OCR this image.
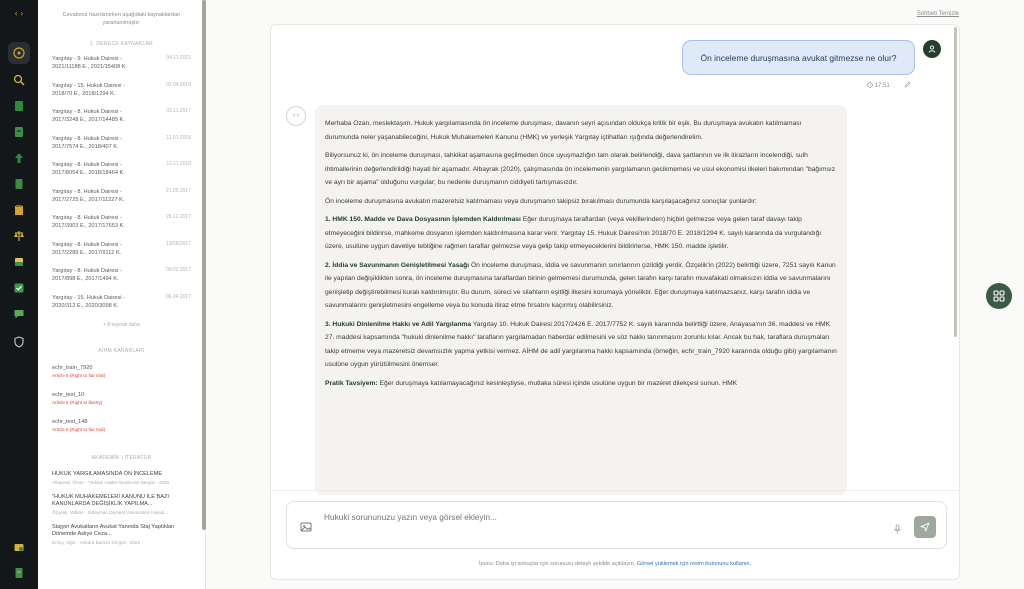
‹ ›	Cevabınız hazırlanırken aşağıdaki kaynaklardan yararlanılmıştır:
1. DERECE KAYNAKLAR
Yargıtay - 9. Hukuk Dairesi - 2021/11188 E., 2021/15408 K.
04.11.2021
Yargıtay - 15. Hukuk Dairesi - 2018/70 E., 2018/1294 K.
02.04.2018
Yargıtay - 8. Hukuk Dairesi - 2017/3248 E., 2017/14485 K.
02.11.2017
Yargıtay - 8. Hukuk Dairesi - 2017/7574 E., 2018/407 K.
11.01.2018
Yargıtay - 8. Hukuk Dairesi - 2017/8054 E., 2018/18464 K.
12.11.2018
Yargıtay - 8. Hukuk Dairesi - 2017/2725 E., 2017/11227 K.
21.09.2017
Yargıtay - 8. Hukuk Dairesi - 2017/3903 E., 2017/17653 K.
28.12.2017
Yargıtay - 8. Hukuk Dairesi - 2017/2289 E., 2017/9112 K.
13/06/2017
Yargıtay - 8. Hukuk Dairesi - 2017/898 E., 2017/1494 K.
09.02.2017
Yargıtay - 15. Hukuk Dairesi - 2020/312 E., 2020/3098 K.
06.04.2017
+ 8 kaynak daha
AİHM KARARLARI
echr_train_7920
Article 6 (Right to fair trial)
echr_test_10
Article 5 (Right to liberty)
echr_test_148
Article 6 (Right to fair trial)
AKADEMİK LİTERATÜR
HUKUK YARGILAMASINDA ÖN İNCELEME
Albayrak, Ömer - Türkiye Adalet Akademisi Dergisi - 2020
"HUKUK MUHAKEMELERİ KANUNU İLE BAZI KANUNLARDA DEĞİŞİKLİK YAPILMA...
Özçelik, Volkan - Süleyman Demirel Üniversitesi Hukuk...
Stajyer Avukatların Avukat Yanında Staj Yaptıkları Dönemde Asliye Ceza...
Ersoy, Uğur - Ankara Barosu Dergisi - 2022
Sohbeti Temizle
Ön inceleme duruşmasına avukat gitmezse ne olur?
17:51
‹ ›

Merhaba Ozan, meslektaşım. Hukuk yargılamasında ön inceleme duruşması, davanın seyri açısından oldukça kritik bir eşik. Bu duruşmaya avukatın katılmaması durumunda neler yaşanabileceğini, Hukuk Muhakemeleri Kanunu (HMK) ve yerleşik Yargıtay içtihatları ışığında değerlendirelim.

Biliyorsunuz ki, ön inceleme duruşması, tahkikat aşamasına geçilmeden önce uyuşmazlığın tam olarak belirlendiği, dava şartlarının ve ilk itirazların incelendiği, sulh ihtimallerinin değerlendirildiği hayati bir aşamadır. Albayrak (2020), çalışmasında ön incelemenin yargılamanın gecikmemesi ve usul ekonomisi ilkeleri bakımından "bağımsız ve ayrı bir aşama" olduğunu vurgular; bu nedenle duruşmanın ciddiyeti tartışmasızdır.

Ön inceleme duruşmasına avukatın mazeretsiz katılmaması veya duruşmanın takipsiz bırakılması durumunda karşılaşacağınız sonuçlar şunlardır:

1. HMK 150. Madde ve Dava Dosyasının İşlemden Kaldırılması Eğer duruşmaya taraflardan (veya vekillerinden) hiçbiri gelmezse veya gelen taraf davayı takip etmeyeceğini bildirirse, mahkeme dosyanın işlemden kaldırılmasına karar verir. Yargıtay 15. Hukuk Dairesi'nin 2018/70 E. 2018/1294 K. sayılı kararında da vurgulandığı üzere, usulüne uygun davetiye tebliğine rağmen taraflar gelmezse veya gelip takip etmeyeceklerini bildirirlerse, HMK 150. madde işletilir.

2. İddia ve Savunmanın Genişletilmesi Yasağı Ön inceleme duruşması, iddia ve savunmanın sınırlarının çizildiği yerdir. Özçelik'in (2022) belirttiği üzere, 7251 sayılı Kanun ile yapılan değişiklikten sonra, ön inceleme duruşmasına taraflardan birinin gelmemesi durumunda, gelen tarafın karşı tarafın muvafakati olmaksızın iddia ve savunmalarını genişletip değiştirebilmesi kuralı kaldırılmıştır. Bu durum, süreci ve silahların eşitliği ilkesini korumaya yöneliktir. Eğer duruşmaya katılmazsanız, karşı tarafın iddia ve savunmalarını genişletmesini engelleme veya bu konuda itiraz etme fırsatını kaçırmış olabilirsiniz.

3. Hukuki Dinlenilme Hakkı ve Adil Yargılanma Yargıtay 10. Hukuk Dairesi 2017/2426 E. 2017/7752 K. sayılı kararında belirttiği üzere, Anayasa'nın 36. maddesi ve HMK 27. maddesi kapsamında "hukuki dinlenilme hakkı" tarafların yargılamadan haberdar edilmesini ve söz hakkı tanınmasını zorunlu kılar. Ancak bu hak, taraflara duruşmaları takip etmeme veya mazeretsiz devamsızlık yapma yetkisi vermez. AİHM de adil yargılanma hakkı kapsamında (örneğin, echr_train_7920 kararında olduğu gibi) yargılamanın usulüne uygun yürütülmesini önemser.

Pratik Tavsiyem: Eğer duruşmaya katılamayacağınız kesinleştiyse, mutlaka süresi içinde usulüne uygun bir mazeret dilekçesi sunun. HMK

Hukuki sorununuzu yazın veya görsel ekleyin...
İpucu: Daha iyi sonuçlar için sorunuzu detaylı şekilde açıklayın. Görsel yüklemek için resim butonunu kullanın.
